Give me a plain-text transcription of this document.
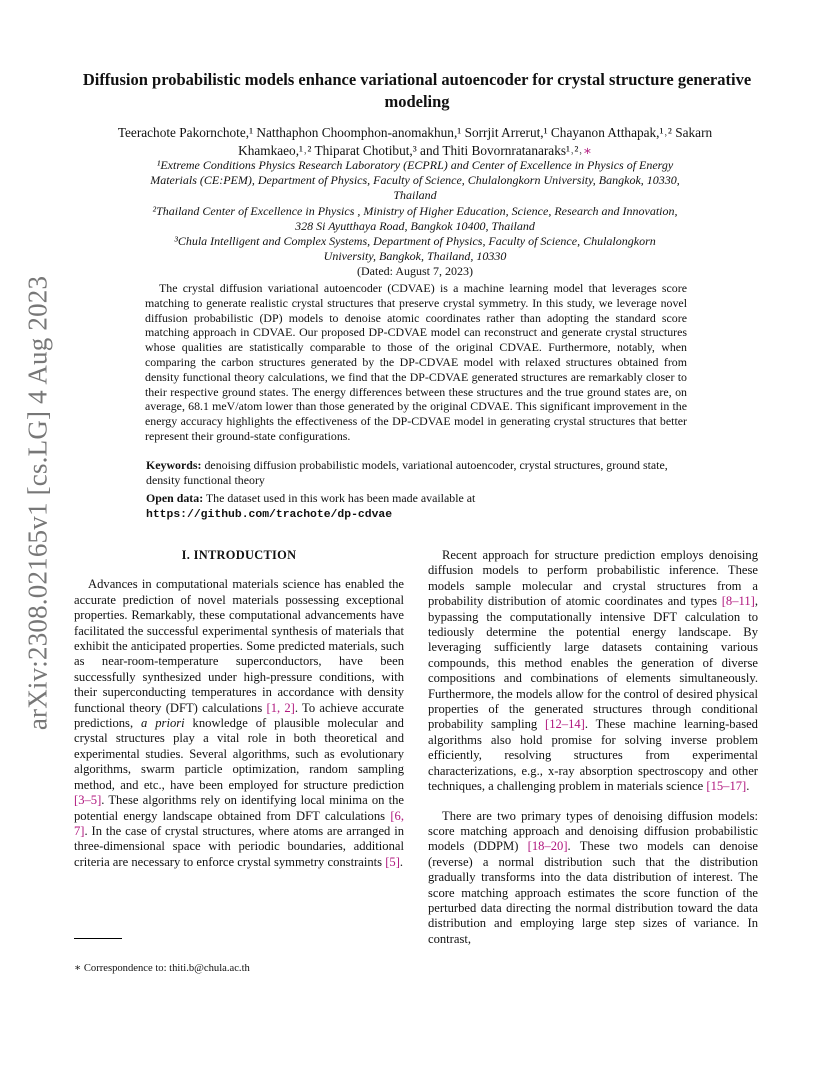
arXiv:2308.02165v1 [cs.LG] 4 Aug 2023
Diffusion probabilistic models enhance variational autoencoder for crystal structure generative modeling
Teerachote Pakornchote,¹ Natthaphon Choomphon-anomakhun,¹ Sorrjit Arrerut,¹ Chayanon Atthapak,¹˒² Sakarn Khamkaeo,¹˒² Thiparat Chotibut,³ and Thiti Bovornratanaraks¹˒²˒∗
¹Extreme Conditions Physics Research Laboratory (ECPRL) and Center of Excellence in Physics of Energy Materials (CE:PEM), Department of Physics, Faculty of Science, Chulalongkorn University, Bangkok, 10330, Thailand
²Thailand Center of Excellence in Physics , Ministry of Higher Education, Science, Research and Innovation, 328 Si Ayutthaya Road, Bangkok 10400, Thailand
³Chula Intelligent and Complex Systems, Department of Physics, Faculty of Science, Chulalongkorn University, Bangkok, Thailand, 10330
(Dated: August 7, 2023)

The crystal diffusion variational autoencoder (CDVAE) is a machine learning model that leverages score matching to generate realistic crystal structures that preserve crystal symmetry. In this study, we leverage novel diffusion probabilistic (DP) models to denoise atomic coordinates rather than adopting the standard score matching approach in CDVAE. Our proposed DP-CDVAE model can reconstruct and generate crystal structures whose qualities are statistically comparable to those of the original CDVAE. Furthermore, notably, when comparing the carbon structures generated by the DP-CDVAE model with relaxed structures obtained from density functional theory calculations, we find that the DP-CDVAE generated structures are remarkably closer to their respective ground states. The energy differences between these structures and the true ground states are, on average, 68.1 meV/atom lower than those generated by the original CDVAE. This significant improvement in the energy accuracy highlights the effectiveness of the DP-CDVAE model in generating crystal structures that better represent their ground-state configurations.

Keywords: denoising diffusion probabilistic models, variational autoencoder, crystal structures, ground state, density functional theory
Open data: The dataset used in this work has been made available at
https://github.com/trachote/dp-cdvae
I. INTRODUCTION

Advances in computational materials science has enabled the accurate prediction of novel materials possessing exceptional properties. Remarkably, these computational advancements have facilitated the successful experimental synthesis of materials that exhibit the anticipated properties. Some predicted materials, such as near-room-temperature superconductors, have been successfully synthesized under high-pressure conditions, with their superconducting temperatures in accordance with density functional theory (DFT) calculations [1, 2]. To achieve accurate predictions, a priori knowledge of plausible molecular and crystal structures play a vital role in both theoretical and experimental studies. Several algorithms, such as evolutionary algorithms, swarm particle optimization, random sampling method, and etc., have been employed for structure prediction [3–5]. These algorithms rely on identifying local minima on the potential energy landscape obtained from DFT calculations [6, 7]. In the case of crystal structures, where atoms are arranged in three-dimensional space with periodic boundaries, additional criteria are necessary to enforce crystal symmetry constraints [5].

Recent approach for structure prediction employs denoising diffusion models to perform probabilistic inference. These models sample molecular and crystal structures from a probability distribution of atomic coordinates and types [8–11], bypassing the computationally intensive DFT calculation to tediously determine the potential energy landscape. By leveraging sufficiently large datasets containing various compounds, this method enables the generation of diverse compositions and combinations of elements simultaneously. Furthermore, the models allow for the control of desired physical properties of the generated structures through conditional probability sampling [12–14]. These machine learning-based algorithms also hold promise for solving inverse problem efficiently, resolving structures from experimental characterizations, e.g., x-ray absorption spectroscopy and other techniques, a challenging problem in materials science [15–17].

There are two primary types of denoising diffusion models: score matching approach and denoising diffusion probabilistic models (DDPM) [18–20]. These two models can denoise (reverse) a normal distribution such that the distribution gradually transforms into the data distribution of interest. The score matching approach estimates the score function of the perturbed data directing the normal distribution toward the data distribution and employing large step sizes of variance. In contrast,

∗ Correspondence to: thiti.b@chula.ac.th
